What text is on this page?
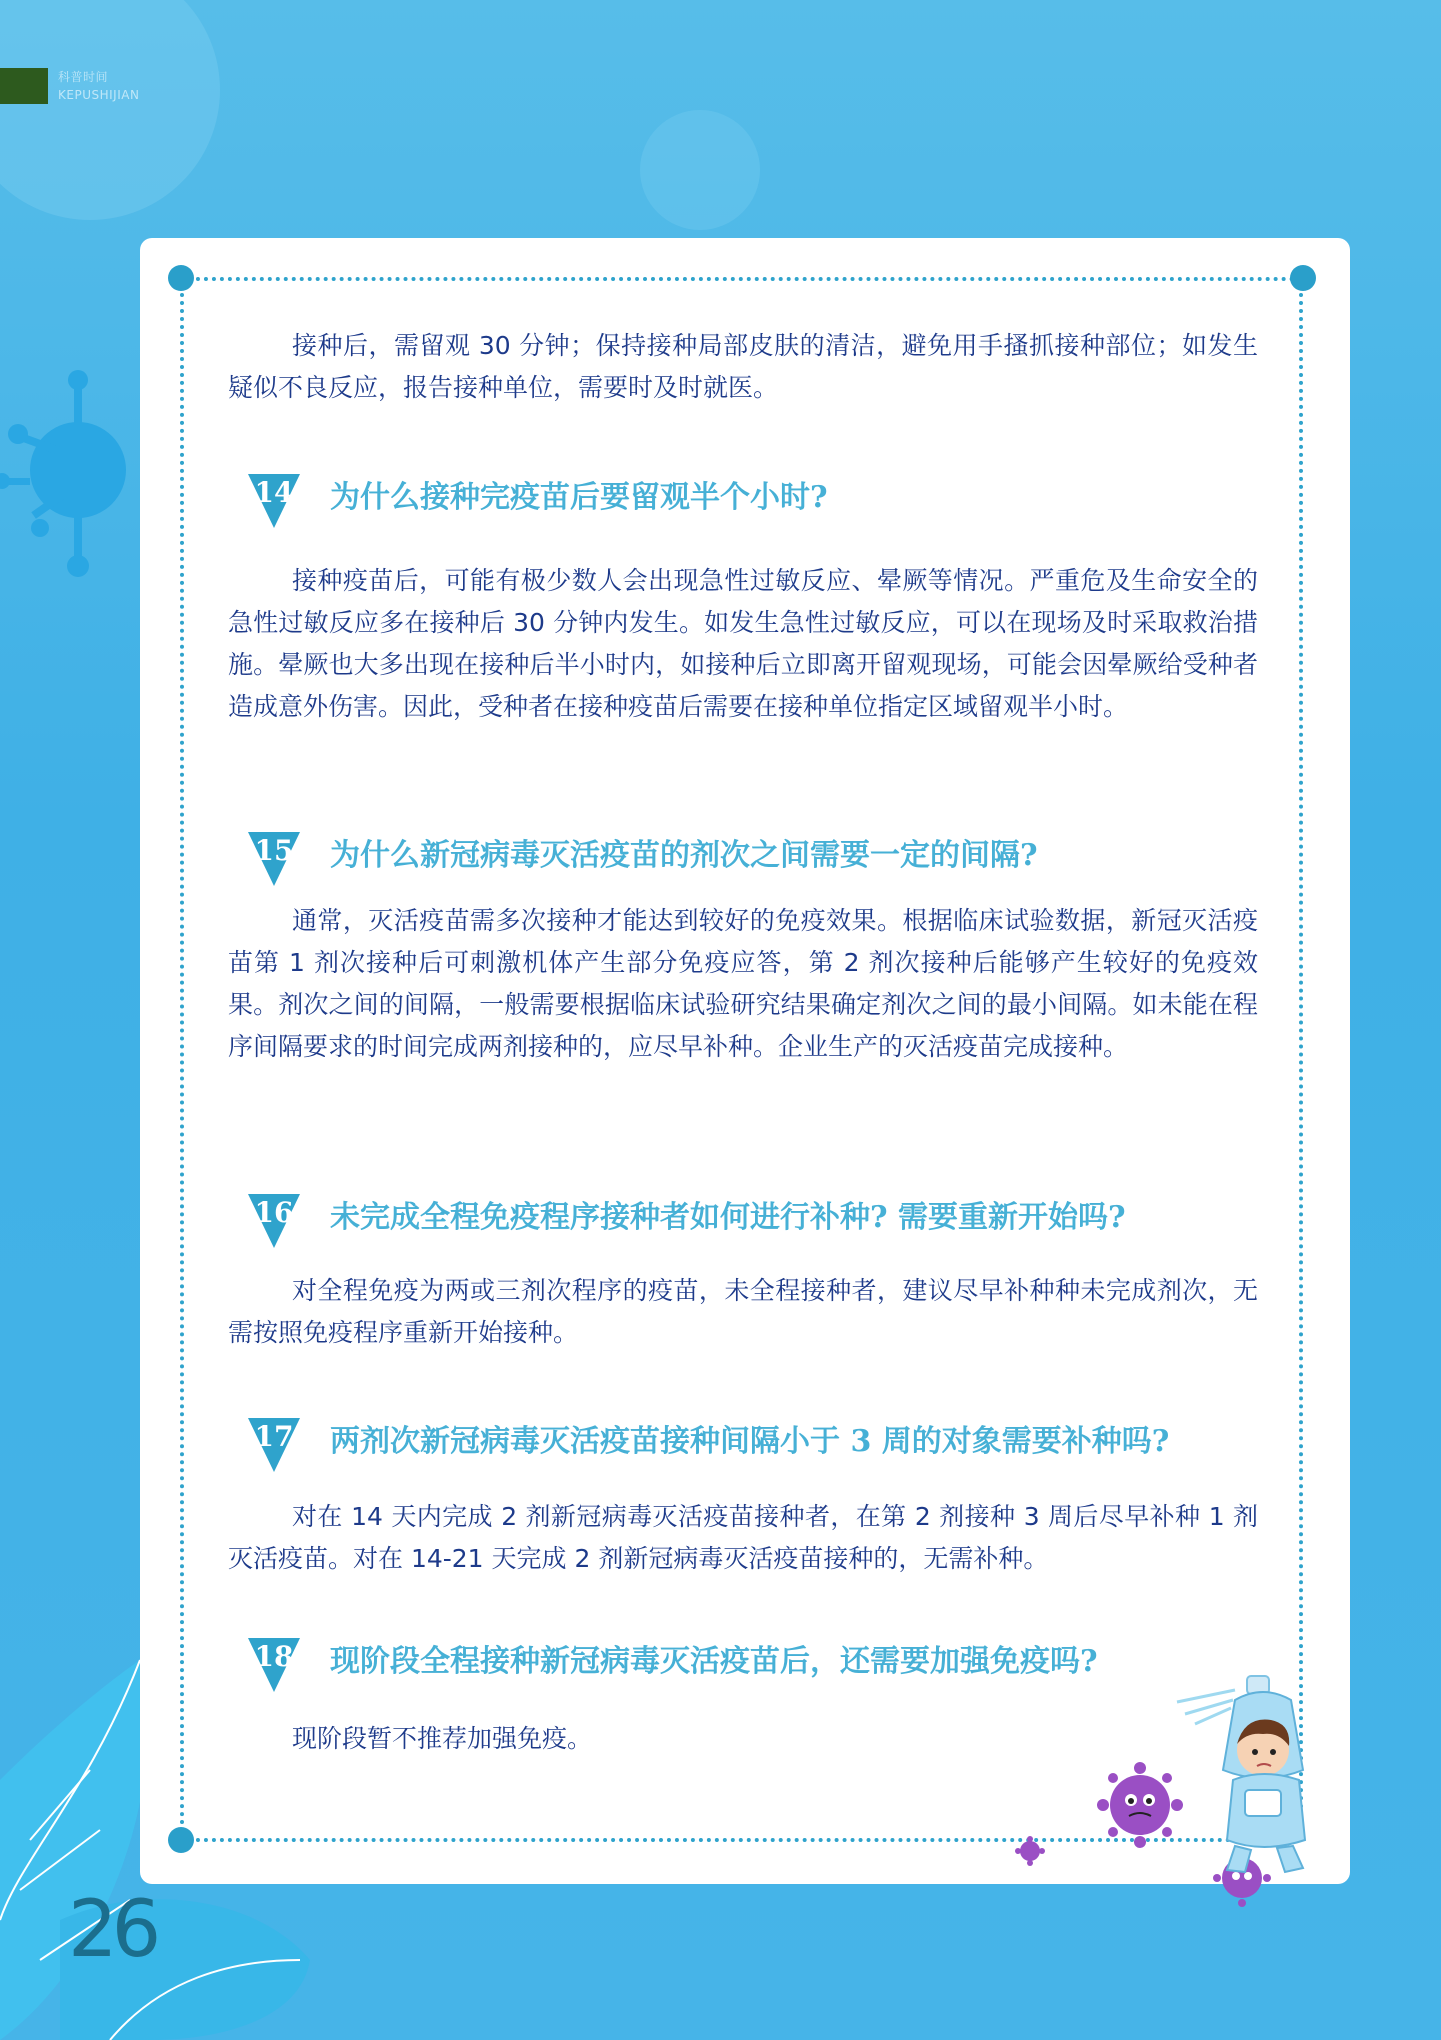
科普时间
KEPUSHIJIAN
接种后，需留观 30 分钟；保持接种局部皮肤的清洁，避免用手搔抓接种部位；如发生疑似不良反应，报告接种单位，需要时及时就医。
14 为什么接种完疫苗后要留观半个小时?
接种疫苗后，可能有极少数人会出现急性过敏反应、晕厥等情况。严重危及生命安全的急性过敏反应多在接种后 30 分钟内发生。如发生急性过敏反应，可以在现场及时采取救治措施。晕厥也大多出现在接种后半小时内，如接种后立即离开留观现场，可能会因晕厥给受种者造成意外伤害。因此，受种者在接种疫苗后需要在接种单位指定区域留观半小时。
15 为什么新冠病毒灭活疫苗的剂次之间需要一定的间隔?
通常，灭活疫苗需多次接种才能达到较好的免疫效果。根据临床试验数据，新冠灭活疫苗第 1 剂次接种后可刺激机体产生部分免疫应答，第 2 剂次接种后能够产生较好的免疫效果。剂次之间的间隔，一般需要根据临床试验研究结果确定剂次之间的最小间隔。如未能在程序间隔要求的时间完成两剂接种的，应尽早补种。企业生产的灭活疫苗完成接种。
16 未完成全程免疫程序接种者如何进行补种? 需要重新开始吗?
对全程免疫为两或三剂次程序的疫苗，未全程接种者，建议尽早补种种未完成剂次，无需按照免疫程序重新开始接种。
17 两剂次新冠病毒灭活疫苗接种间隔小于 3 周的对象需要补种吗?
对在 14 天内完成 2 剂新冠病毒灭活疫苗接种者，在第 2 剂接种 3 周后尽早补种 1 剂灭活疫苗。对在 14-21 天完成 2 剂新冠病毒灭活疫苗接种的，无需补种。
18 现阶段全程接种新冠病毒灭活疫苗后，还需要加强免疫吗?
现阶段暂不推荐加强免疫。
26
